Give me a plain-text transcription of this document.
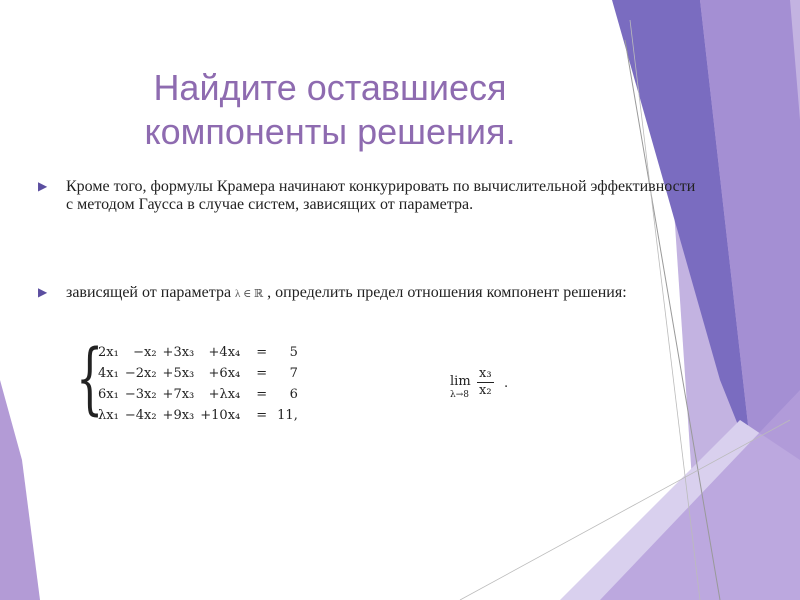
Найдите оставшиеся
компоненты решения.
▶ Кроме того, формулы Крамера начинают конкурировать по вычислительной эффективности с методом Гаусса в случае систем, зависящих от параметра.
▶ зависящей от параметра λ ∈ ℝ , определить предел отношения компонент решения:
{
2x₁	−x₂	+3x₃	+4x₄	=	5
4x₁	−2x₂	+5x₃	+6x₄	=	7
6x₁	−3x₂	+7x₃	+λx₄	=	6
λx₁	−4x₂	+9x₃	+10x₄	=	11,
lim
λ→8
x₃
x₂ .
